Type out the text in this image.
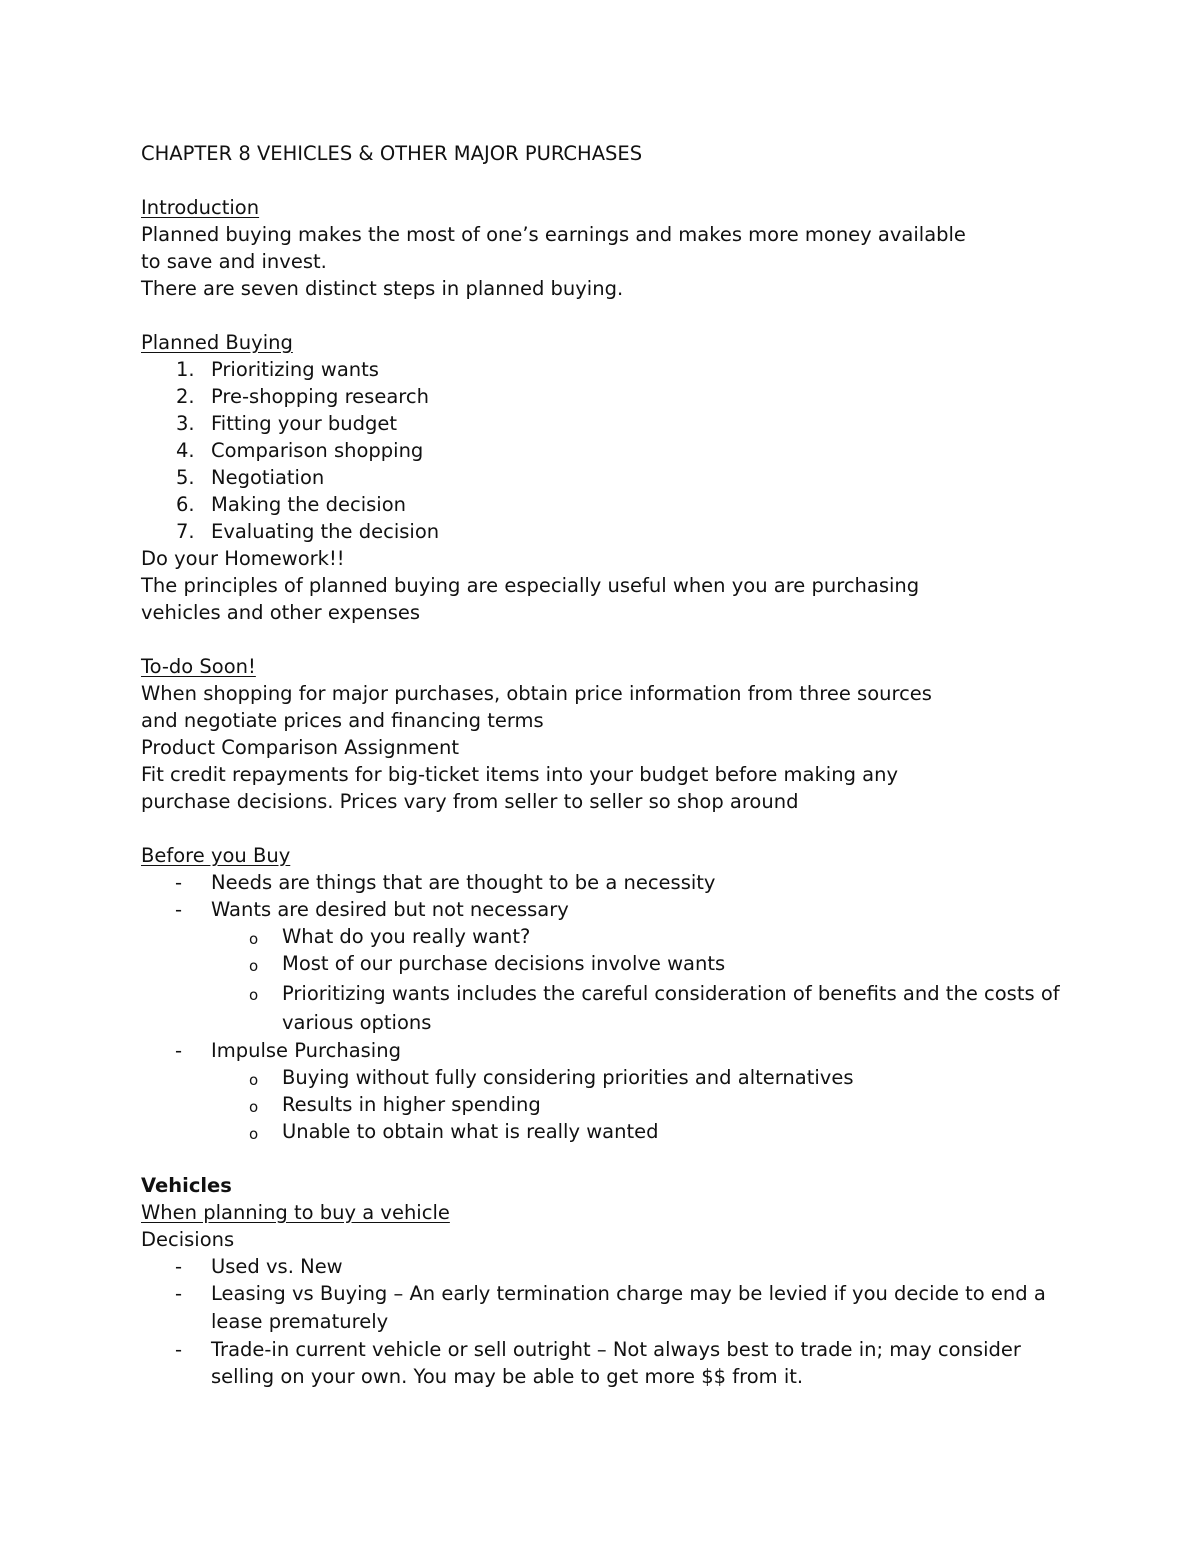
CHAPTER 8 VEHICLES & OTHER MAJOR PURCHASES
Introduction
Planned buying makes the most of one’s earnings and makes more money available
to save and invest.
There are seven distinct steps in planned buying.
Planned Buying
1. Prioritizing wants
2. Pre-shopping research
3. Fitting your budget
4. Comparison shopping
5. Negotiation
6. Making the decision
7. Evaluating the decision
Do your Homework!!
The principles of planned buying are especially useful when you are purchasing
vehicles and other expenses
To-do Soon!
When shopping for major purchases, obtain price information from three sources
and negotiate prices and financing terms
Product Comparison Assignment
Fit credit repayments for big-ticket items into your budget before making any
purchase decisions. Prices vary from seller to seller so shop around
Before you Buy
-	Needs are things that are thought to be a necessity
-	Wants are desired but not necessary
o	What do you really want?
o	Most of our purchase decisions involve wants
o Prioritizing wants includes the careful consideration of benefits and the costs of various options
-	Impulse Purchasing
o	Buying without fully considering priorities and alternatives
o	Results in higher spending
o	Unable to obtain what is really wanted
Vehicles
When planning to buy a vehicle
Decisions
-	Used vs. New
- Leasing vs Buying – An early termination charge may be levied if you decide to end a lease prematurely
- Trade-in current vehicle or sell outright – Not always best to trade in; may consider selling on your own. You may be able to get more $$ from it.
